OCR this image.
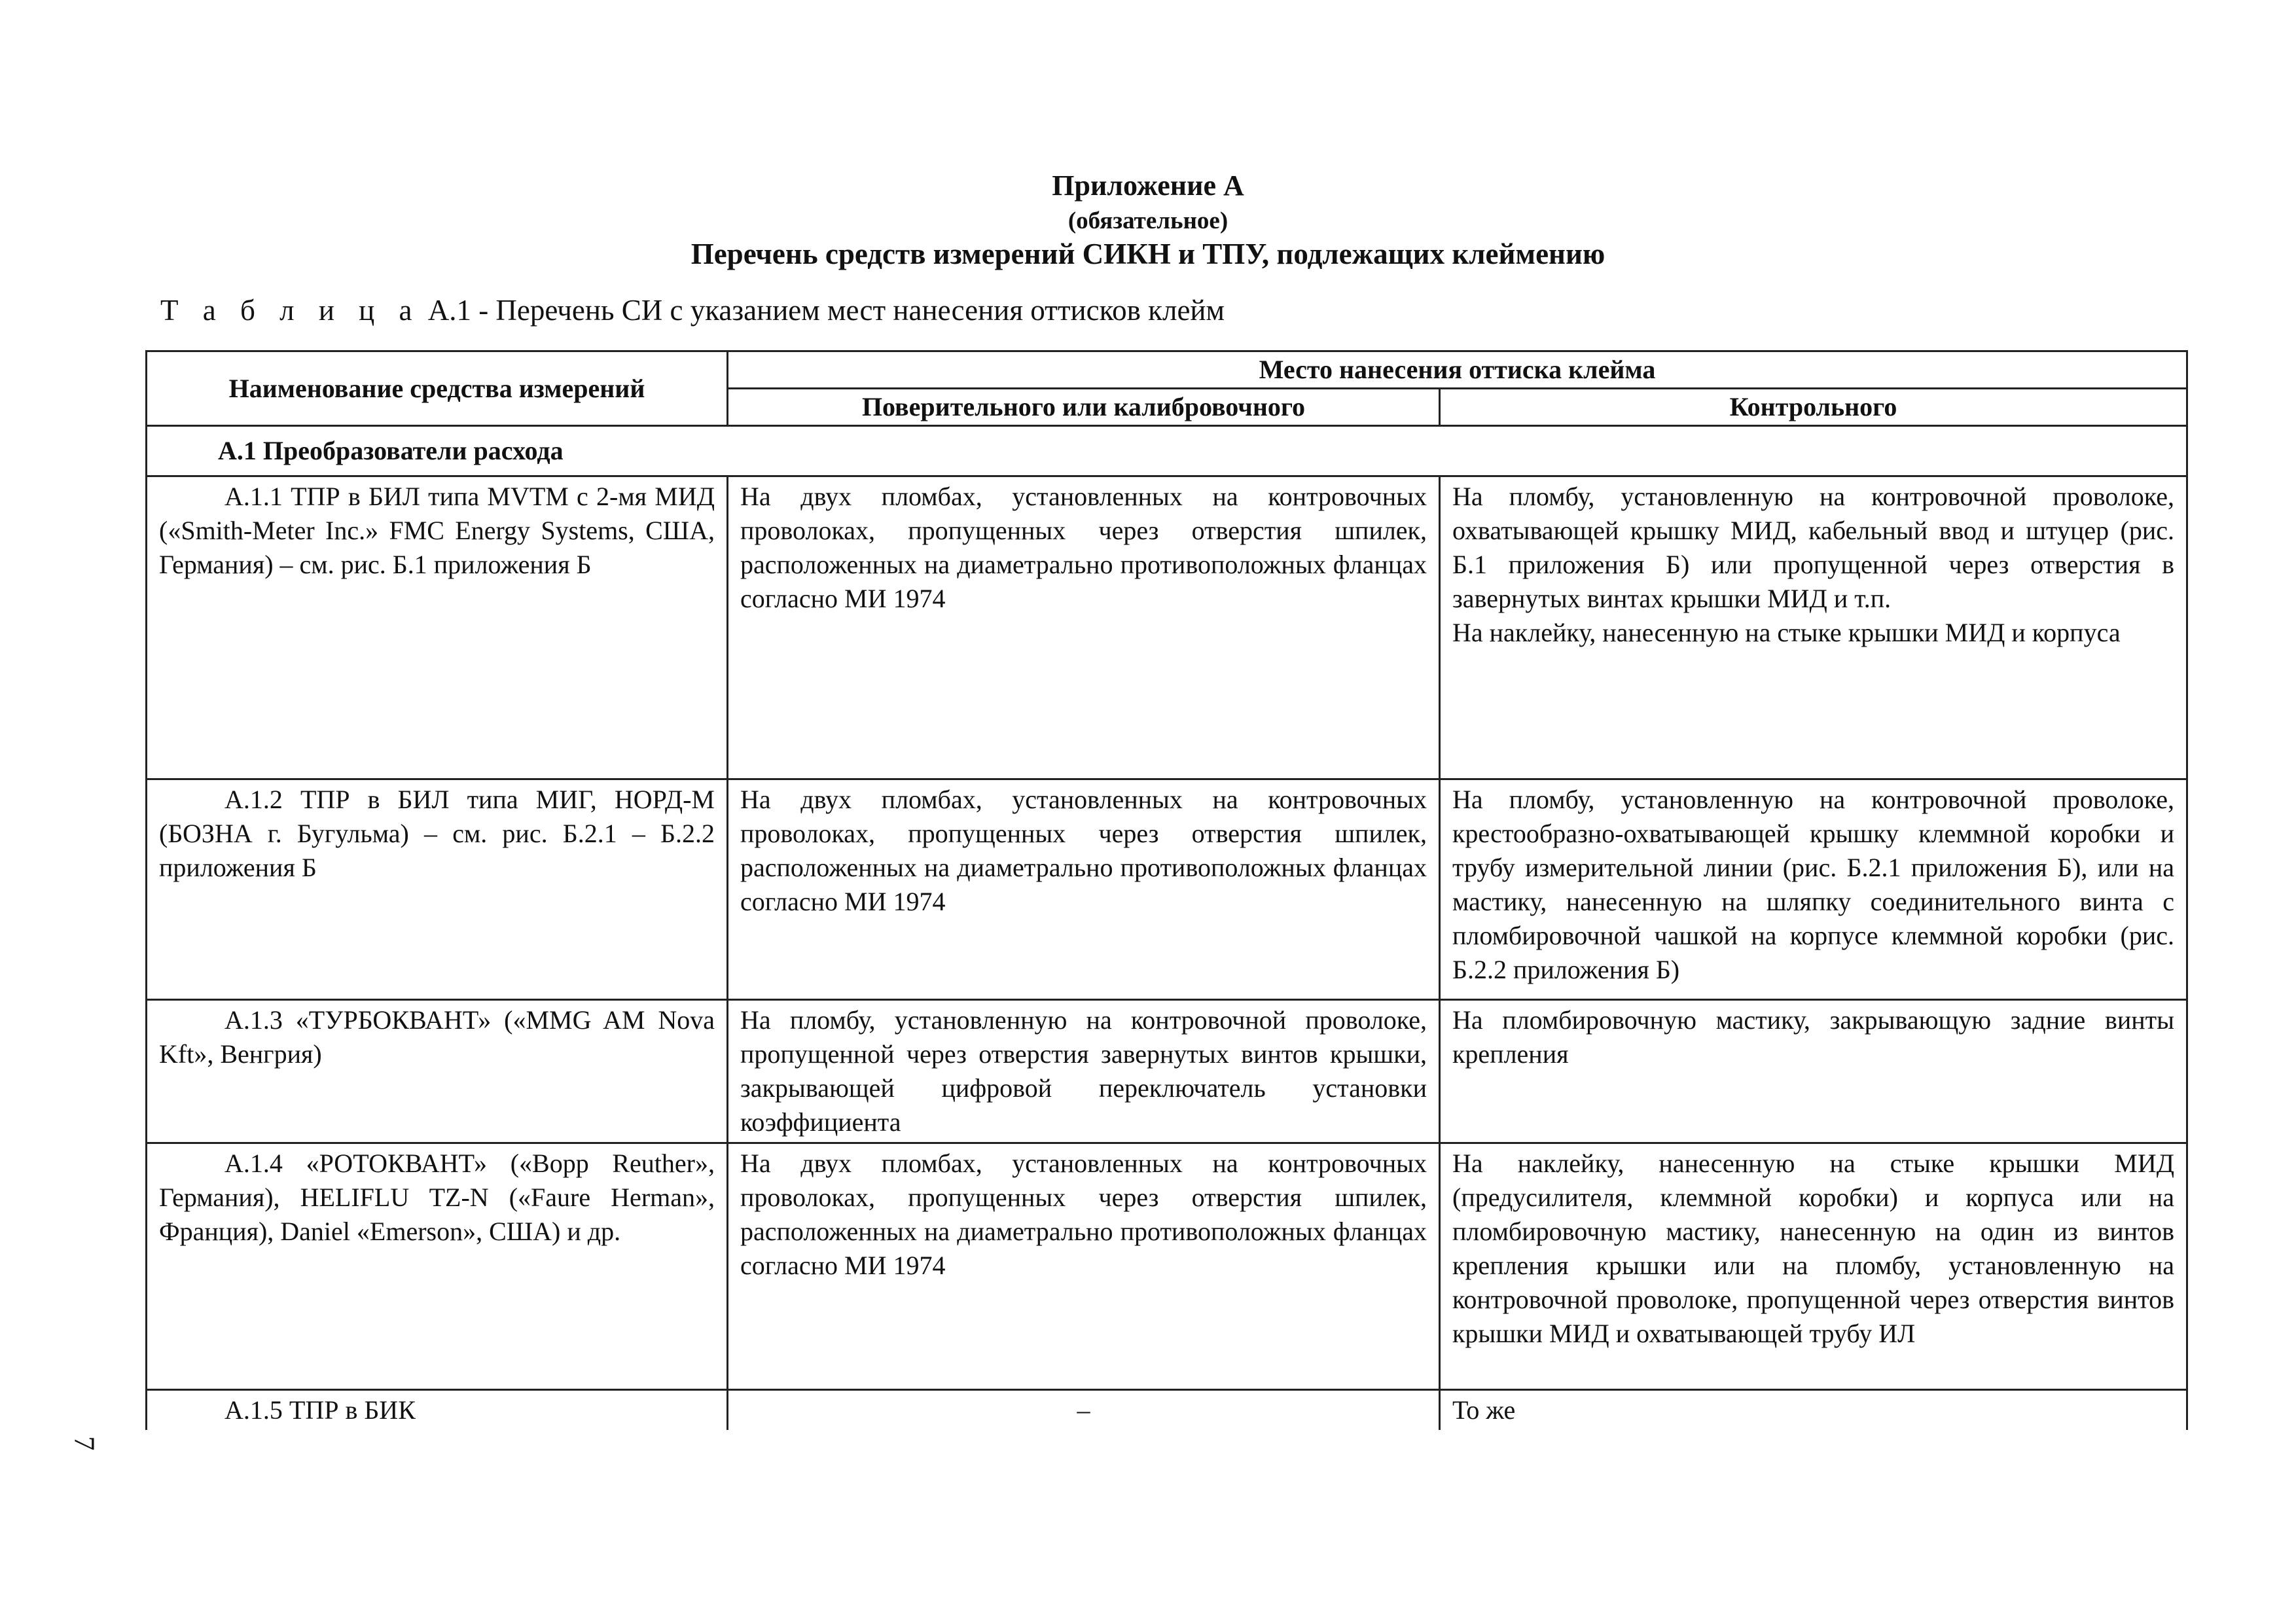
Приложение А
(обязательное)
Перечень средств измерений СИКН и ТПУ, подлежащих клеймению
Т а б л и ц а А.1 - Перечень СИ с указанием мест нанесения оттисков клейм
Наименование средства измерений	Место нанесения оттиска клейма	
	Поверительного или калибровочного	Контрольного
А.1 Преобразователи расхода		
А.1.1 ТПР в БИЛ типа MVTM с 2-мя МИД («Smith-Meter Inc.» FMC Energy Systems, США, Германия) – см. рис. Б.1 приложения Б	На двух пломбах, установленных на контровочных проволоках, пропущенных через отверстия шпилек, расположенных на диаметрально противоположных фланцах согласно МИ 1974	На пломбу, установленную на контровочной проволоке, охватывающей крышку МИД, кабельный ввод и штуцер (рис. Б.1 приложения Б) или пропущенной через отверстия в завернутых винтах крышки МИД и т.п.
На наклейку, нанесенную на стыке крышки МИД и корпуса
А.1.2 ТПР в БИЛ типа МИГ, НОРД-М (БОЗНА г. Бугульма) – см. рис. Б.2.1 – Б.2.2 приложения Б	На двух пломбах, установленных на контровочных проволоках, пропущенных через отверстия шпилек, расположенных на диаметрально противоположных фланцах согласно МИ 1974	На пломбу, установленную на контровочной проволоке, крестообразно-охватывающей крышку клеммной коробки и трубу измерительной линии (рис. Б.2.1 приложения Б), или на мастику, нанесенную на шляпку соединительного винта с пломбировочной чашкой на корпусе клеммной коробки (рис. Б.2.2 приложения Б)
А.1.3 «ТУРБОКВАНТ» («MMG AM Nova Kft», Венгрия)	На пломбу, установленную на контровочной проволоке, пропущенной через отверстия завернутых винтов крышки, закрывающей цифровой переключатель установки коэффициента	На пломбировочную мастику, закрывающую задние винты крепления
А.1.4 «РОТОКВАНТ» («Bopp Reuther», Германия), HELIFLU TZ-N («Faure Herman», Франция), Daniel «Emerson», США) и др.	На двух пломбах, установленных на контровочных проволоках, пропущенных через отверстия шпилек, расположенных на диаметрально противоположных фланцах согласно МИ 1974	На наклейку, нанесенную на стыке крышки МИД (предусилителя, клеммной коробки) и корпуса или на пломбировочную мастику, нанесенную на один из винтов крепления крышки или на пломбу, установленную на контровочной проволоке, пропущенной через отверстия винтов крышки МИД и охватывающей трубу ИЛ
А.1.5 ТПР в БИК	–	То же
7
